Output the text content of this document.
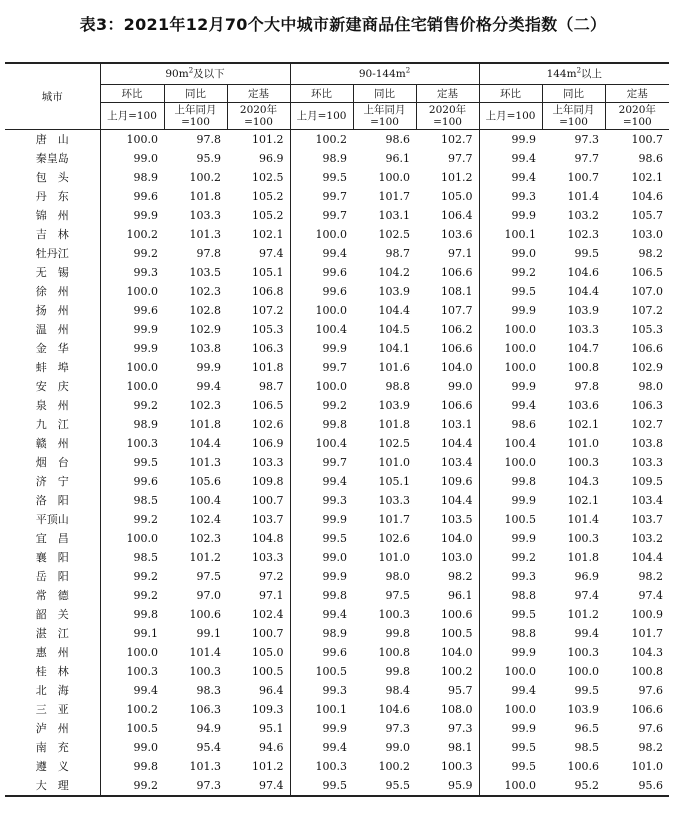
表3：2021年12月70个大中城市新建商品住宅销售价格分类指数（二）
城市	$90m^2$及以下			$90-144m^2$			$144m^2$以上		
	环比	同比	定基	环比	同比	定基	环比	同比	定基
	上月=100	上年同月=100	2020年=100	上月=100	上年同月=100	2020年=100	上月=100	上年同月=100	2020年=100
唐　山	100.0	97.8	101.2	100.2	98.6	102.7	99.9	97.3	100.7
秦皇岛	99.0	95.9	96.9	98.9	96.1	97.7	99.4	97.7	98.6
包　头	98.9	100.2	102.5	99.5	100.0	101.2	99.4	100.7	102.1
丹　东	99.6	101.8	105.2	99.7	101.7	105.0	99.3	101.4	104.6
锦　州	99.9	103.3	105.2	99.7	103.1	106.4	99.9	103.2	105.7
吉　林	100.2	101.3	102.1	100.0	102.5	103.6	100.1	102.3	103.0
牡丹江	99.2	97.8	97.4	99.4	98.7	97.1	99.0	99.5	98.2
无　锡	99.3	103.5	105.1	99.6	104.2	106.6	99.2	104.6	106.5
徐　州	100.0	102.3	106.8	99.6	103.9	108.1	99.5	104.4	107.0
扬　州	99.6	102.8	107.2	100.0	104.4	107.7	99.9	103.9	107.2
温　州	99.9	102.9	105.3	100.4	104.5	106.2	100.0	103.3	105.3
金　华	99.9	103.8	106.3	99.9	104.1	106.6	100.0	104.7	106.6
蚌　埠	100.0	99.9	101.8	99.7	101.6	104.0	100.0	100.8	102.9
安　庆	100.0	99.4	98.7	100.0	98.8	99.0	99.9	97.8	98.0
泉　州	99.2	102.3	106.5	99.2	103.9	106.6	99.4	103.6	106.3
九　江	98.9	101.8	102.6	99.8	101.8	103.1	98.6	102.1	102.7
赣　州	100.3	104.4	106.9	100.4	102.5	104.4	100.4	101.0	103.8
烟　台	99.5	101.3	103.3	99.7	101.0	103.4	100.0	100.3	103.3
济　宁	99.6	105.6	109.8	99.4	105.1	109.6	99.8	104.3	109.5
洛　阳	98.5	100.4	100.7	99.3	103.3	104.4	99.9	102.1	103.4
平顶山	99.2	102.4	103.7	99.9	101.7	103.5	100.5	101.4	103.7
宜　昌	100.0	102.3	104.8	99.5	102.6	104.0	99.9	100.3	103.2
襄　阳	98.5	101.2	103.3	99.0	101.0	103.0	99.2	101.8	104.4
岳　阳	99.2	97.5	97.2	99.9	98.0	98.2	99.3	96.9	98.2
常　德	99.2	97.0	97.1	99.8	97.5	96.1	98.8	97.4	97.4
韶　关	99.8	100.6	102.4	99.4	100.3	100.6	99.5	101.2	100.9
湛　江	99.1	99.1	100.7	98.9	99.8	100.5	98.8	99.4	101.7
惠　州	100.0	101.4	105.0	99.6	100.8	104.0	99.9	100.3	104.3
桂　林	100.3	100.3	100.5	100.5	99.8	100.2	100.0	100.0	100.8
北　海	99.4	98.3	96.4	99.3	98.4	95.7	99.4	99.5	97.6
三　亚	100.2	106.3	109.3	100.1	104.6	108.0	100.0	103.9	106.6
泸　州	100.5	94.9	95.1	99.9	97.3	97.3	99.9	96.5	97.6
南　充	99.0	95.4	94.6	99.4	99.0	98.1	99.5	98.5	98.2
遵　义	99.8	101.3	101.2	100.3	100.2	100.3	99.5	100.6	101.0
大　理	99.2	97.3	97.4	99.5	95.5	95.9	100.0	95.2	95.6
